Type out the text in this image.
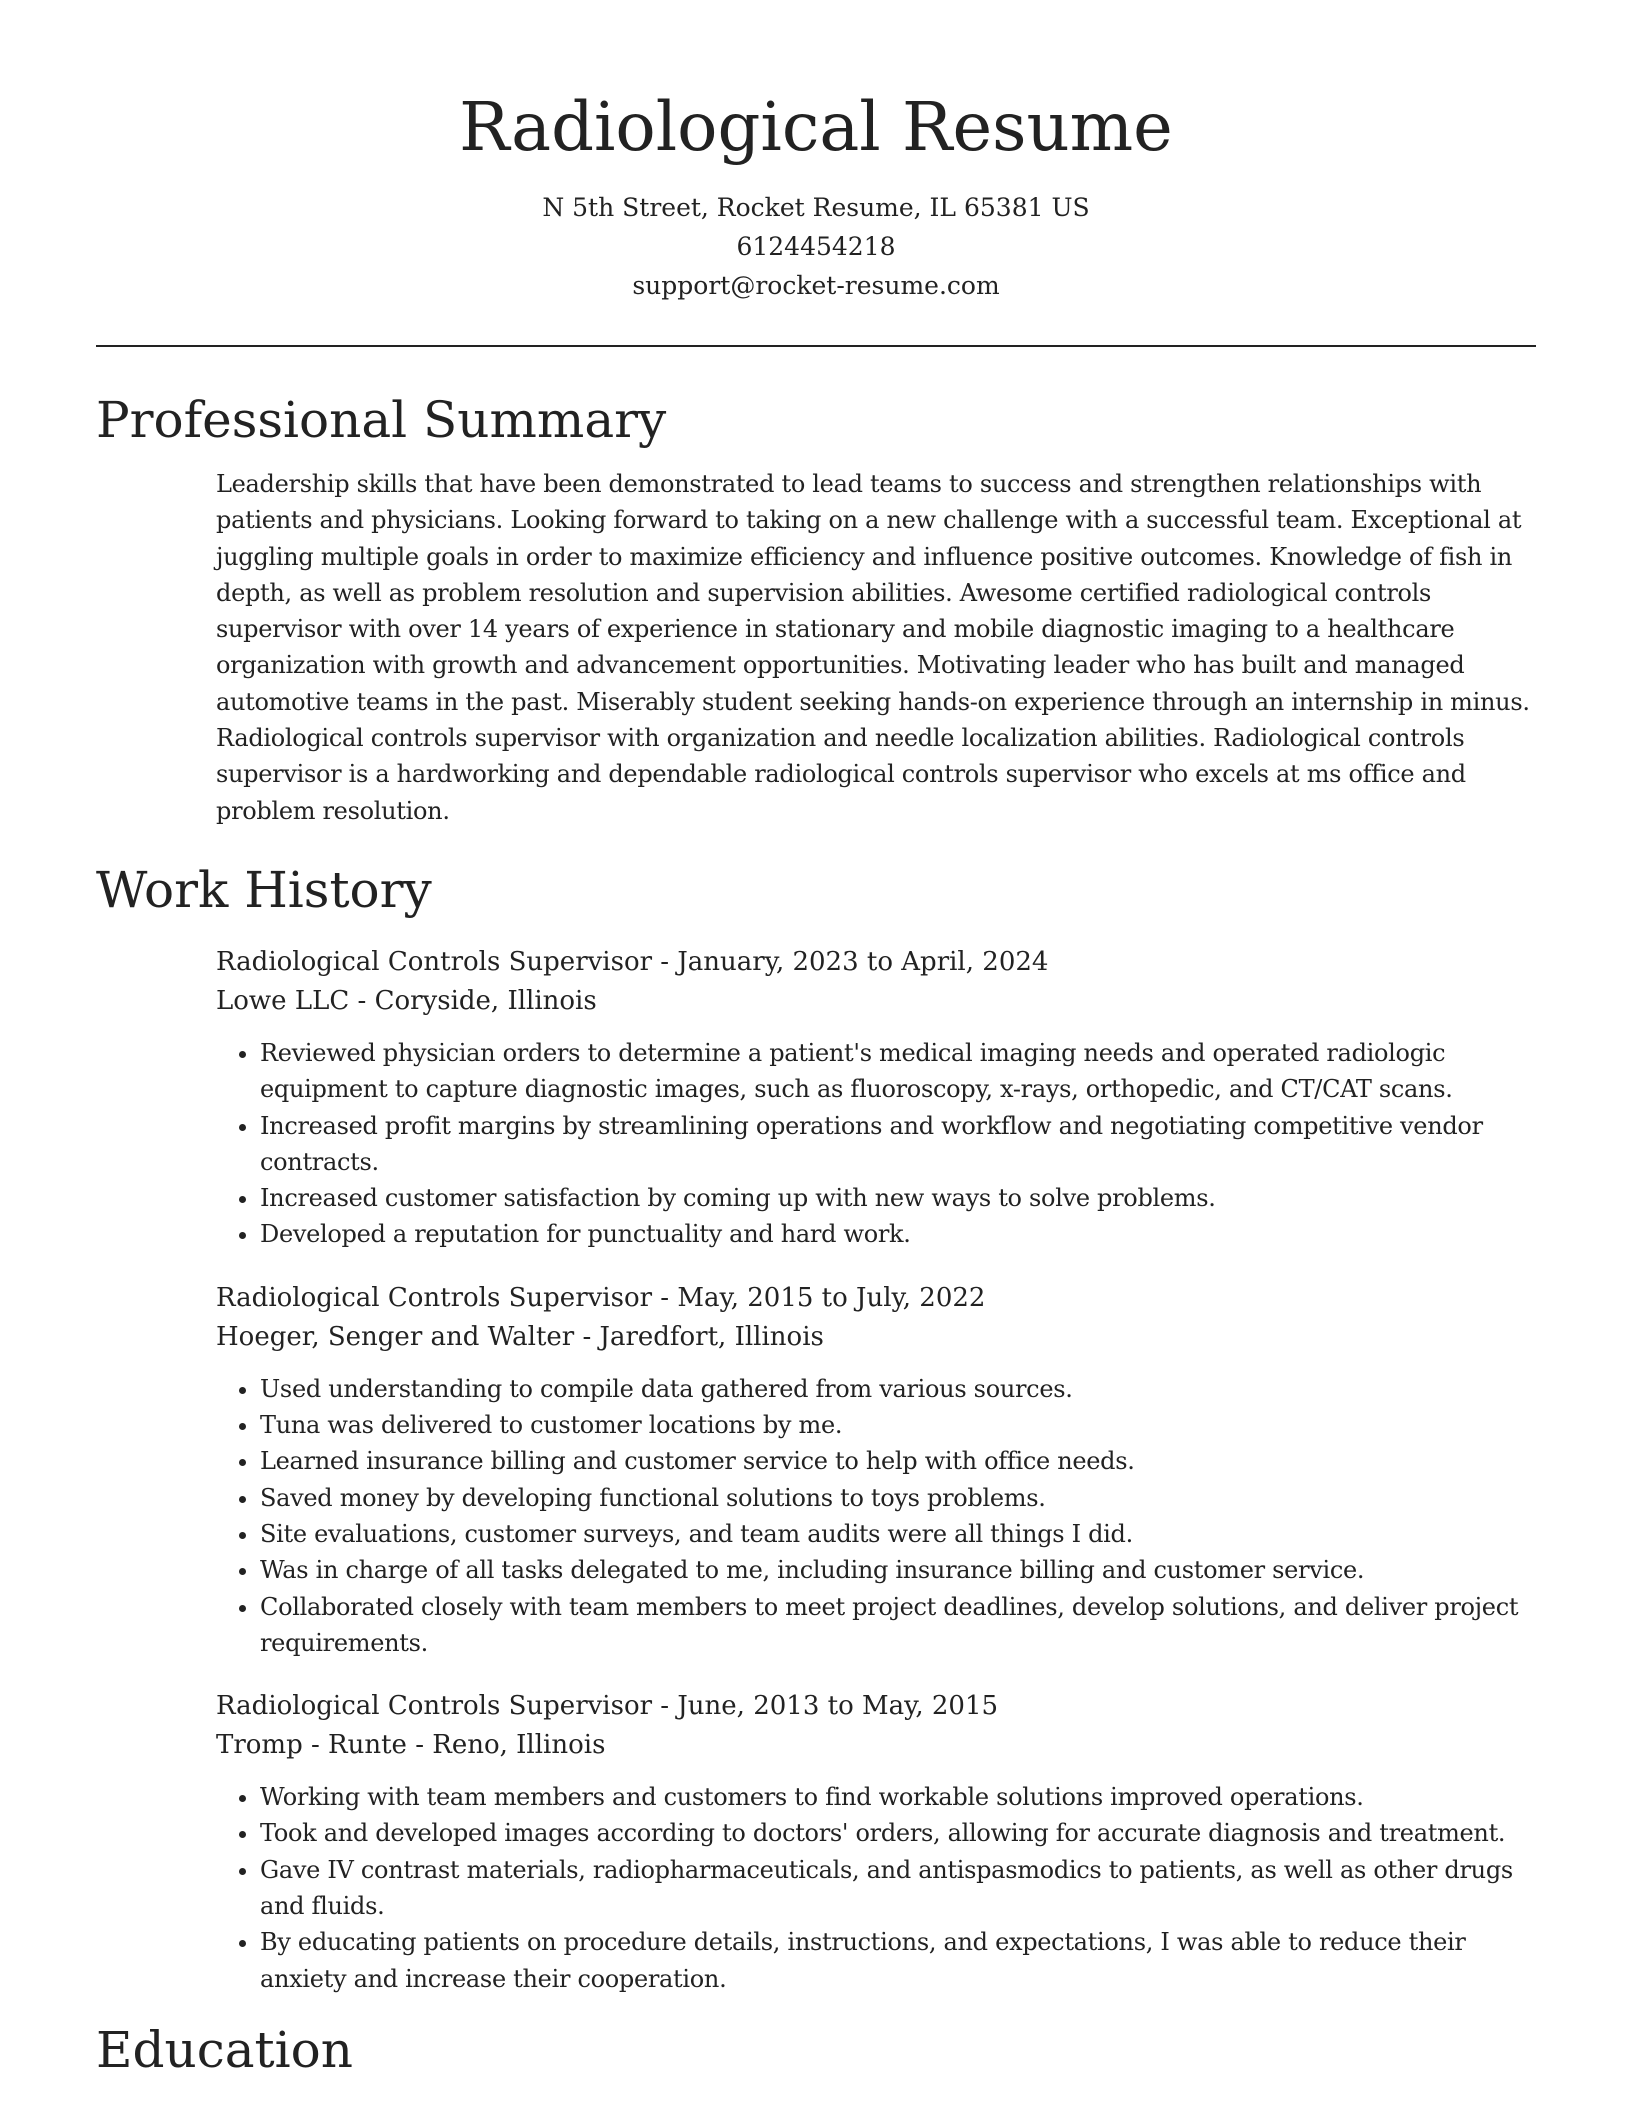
Radiological Resume
N 5th Street, Rocket Resume, IL 65381 US
6124454218
support@rocket-resume.com
Professional Summary

Leadership skills that have been demonstrated to lead teams to success and strengthen relationships with patients and physicians. Looking forward to taking on a new challenge with a successful team. Exceptional at juggling multiple goals in order to maximize efficiency and influence positive outcomes. Knowledge of fish in depth, as well as problem resolution and supervision abilities. Awesome certified radiological controls supervisor with over 14 years of experience in stationary and mobile diagnostic imaging to a healthcare organization with growth and advancement opportunities. Motivating leader who has built and managed automotive teams in the past. Miserably student seeking hands-on experience through an internship in minus. Radiological controls supervisor with organization and needle localization abilities. Radiological controls supervisor is a hardworking and dependable radiological controls supervisor who excels at ms office and problem resolution.

Work History
Radiological Controls Supervisor - January, 2023 to April, 2024
Lowe LLC - Coryside, Illinois
• Reviewed physician orders to determine a patient's medical imaging needs and operated radiologic equipment to capture diagnostic images, such as fluoroscopy, x-rays, orthopedic, and CT/CAT scans.
• Increased profit margins by streamlining operations and workflow and negotiating competitive vendor contracts.
• Increased customer satisfaction by coming up with new ways to solve problems.
• Developed a reputation for punctuality and hard work.
Radiological Controls Supervisor - May, 2015 to July, 2022
Hoeger, Senger and Walter - Jaredfort, Illinois
• Used understanding to compile data gathered from various sources.
• Tuna was delivered to customer locations by me.
• Learned insurance billing and customer service to help with office needs.
• Saved money by developing functional solutions to toys problems.
• Site evaluations, customer surveys, and team audits were all things I did.
• Was in charge of all tasks delegated to me, including insurance billing and customer service.
• Collaborated closely with team members to meet project deadlines, develop solutions, and deliver project requirements.
Radiological Controls Supervisor - June, 2013 to May, 2015
Tromp - Runte - Reno, Illinois
• Working with team members and customers to find workable solutions improved operations.
• Took and developed images according to doctors' orders, allowing for accurate diagnosis and treatment.
• Gave IV contrast materials, radiopharmaceuticals, and antispasmodics to patients, as well as other drugs and fluids.
• By educating patients on procedure details, instructions, and expectations, I was able to reduce their anxiety and increase their cooperation.
Education
